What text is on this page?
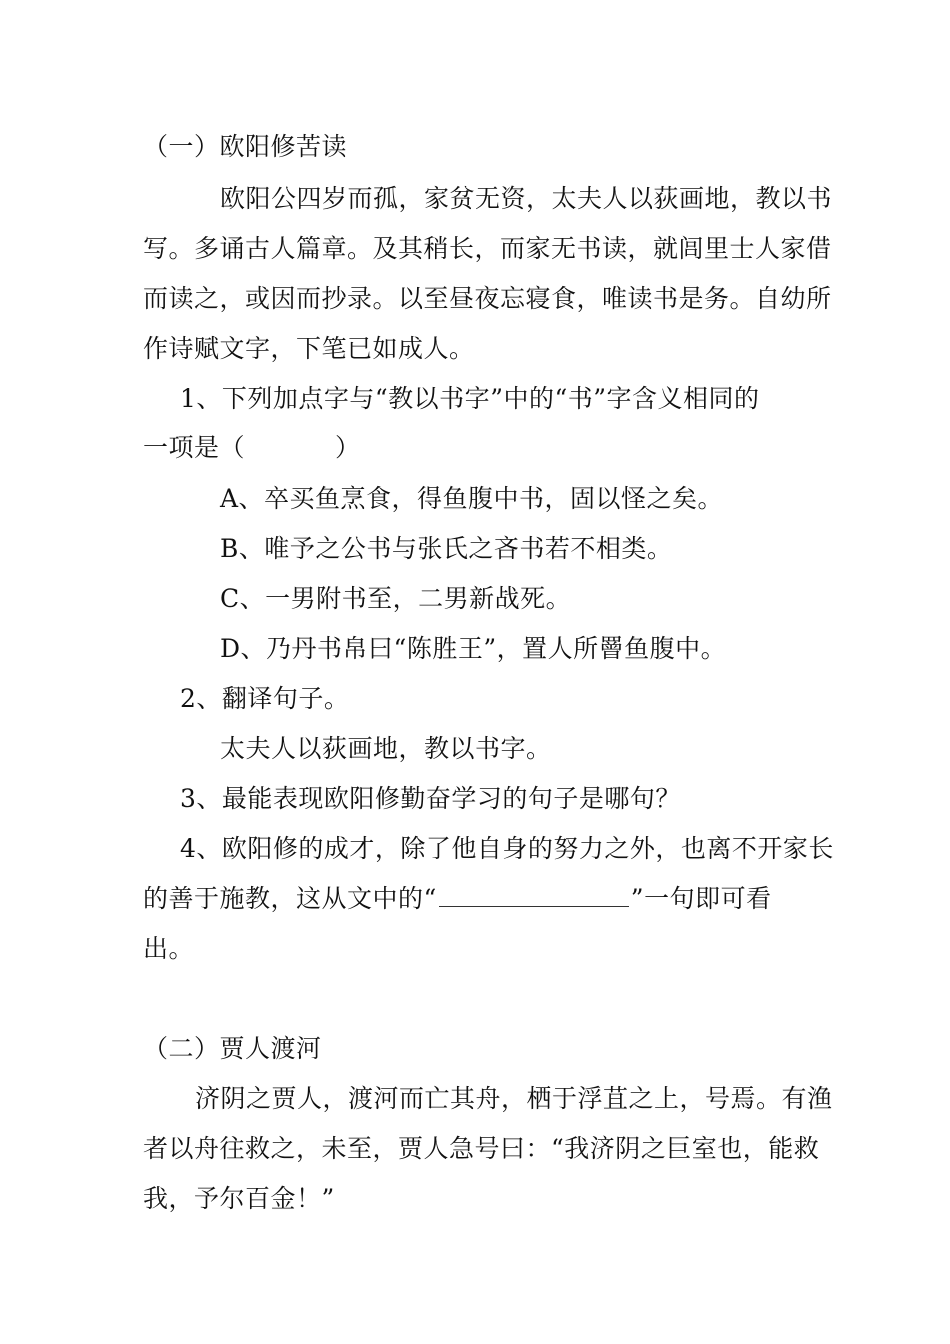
（一）欧阳修苦读
欧阳公四岁而孤，家贫无资，太夫人以荻画地，教以书
写。多诵古人篇章。及其稍长，而家无书读，就闾里士人家借
而读之，或因而抄录。以至昼夜忘寝食，唯读书是务。自幼所
作诗赋文字，下笔已如成人。
1、下列加点字与“教以书字”中的“书”字含义相同的
一项是（	）
A、卒买鱼烹食，得鱼腹中书，固以怪之矣。
B、唯予之公书与张氏之吝书若不相类。
C、一男附书至，二男新战死。
D、乃丹书帛曰“陈胜王”，置人所罾鱼腹中。
2、翻译句子。
太夫人以荻画地，教以书字。
3、最能表现欧阳修勤奋学习的句子是哪句？
4、欧阳修的成才，除了他自身的努力之外，也离不开家长
的善于施教，这从文中的“	”一句即可看
出。
（二）贾人渡河
济阴之贾人，渡河而亡其舟，栖于浮苴之上，号焉。有渔
者以舟往救之，未至，贾人急号曰：“我济阴之巨室也，能救
我，予尔百金！”
